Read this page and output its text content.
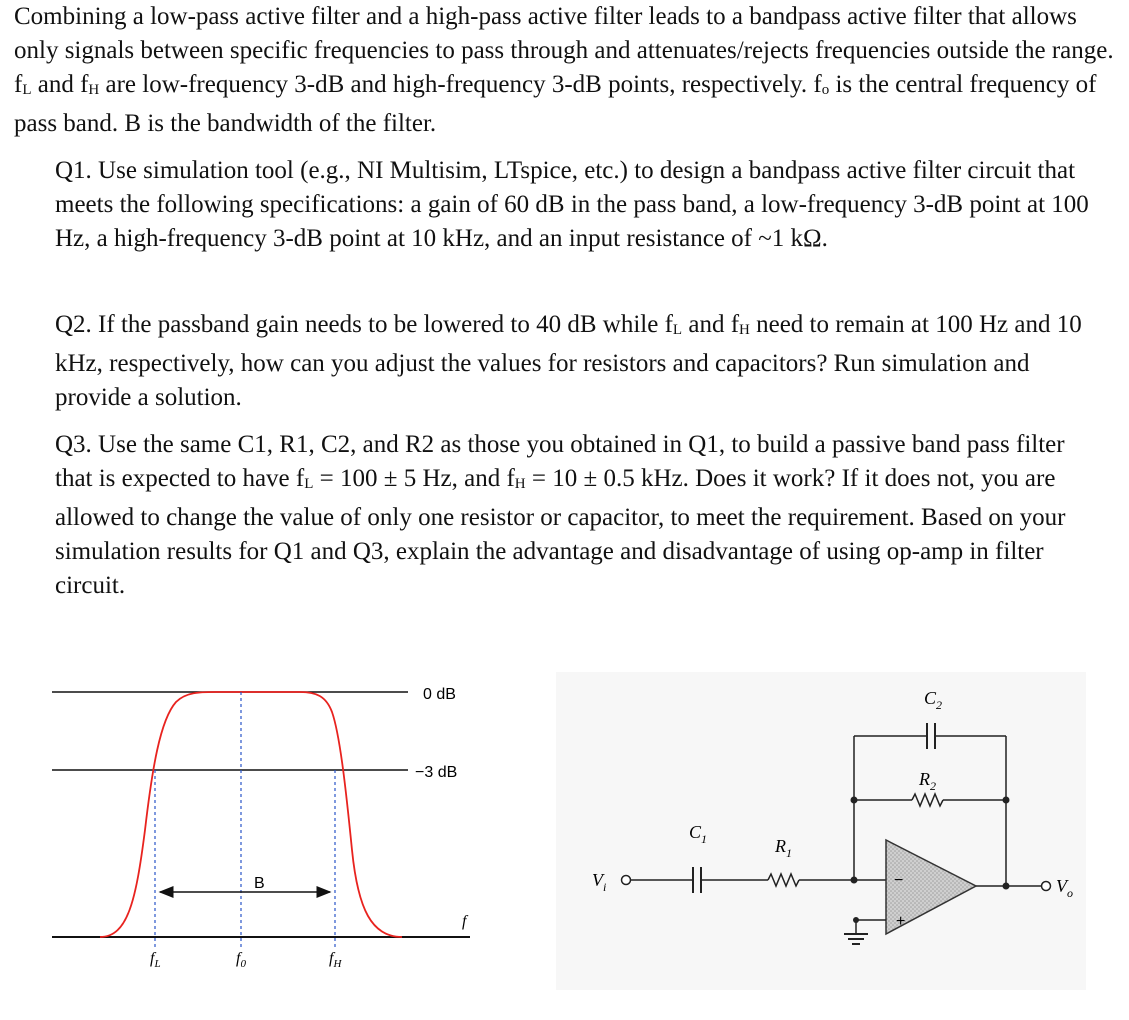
Combining a low-pass active filter and a high-pass active filter leads to a bandpass active filter that allows only signals between specific frequencies to pass through and attenuates/rejects frequencies outside the range. $f_L$ and $f_H$ are low-frequency 3-dB and high-frequency 3-dB points, respectively. $f_o$ is the central frequency of pass band. B is the bandwidth of the filter.
Q1. Use simulation tool (e.g., NI Multisim, LTspice, etc.) to design a bandpass active filter circuit that meets the following specifications: a gain of 60 dB in the pass band, a low-frequency 3-dB point at 100 Hz, a high-frequency 3-dB point at 10 kHz, and an input resistance of ~1 kΩ.
Q2. If the passband gain needs to be lowered to 40 dB while $f_L$ and $f_H$ need to remain at 100 Hz and 10 kHz, respectively, how can you adjust the values for resistors and capacitors? Run simulation and provide a solution.
Q3. Use the same C1, R1, C2, and R2 as those you obtained in Q1, to build a passive band pass filter that is expected to have $f_L = 100 \pm 5$ Hz, and $f_H = 10 \pm 0.5$ kHz. Does it work? If it does not, you are allowed to change the value of only one resistor or capacitor, to meet the requirement. Based on your simulation results for Q1 and Q3, explain the advantage and disadvantage of using op-amp in filter circuit.
0 dB
−3 dB
B
f
$f_L$	$f_0$	$f_H$
$V_i$
$C_1$	$R_1$
$C_2$
$R_2$
−
+
$V_o$
